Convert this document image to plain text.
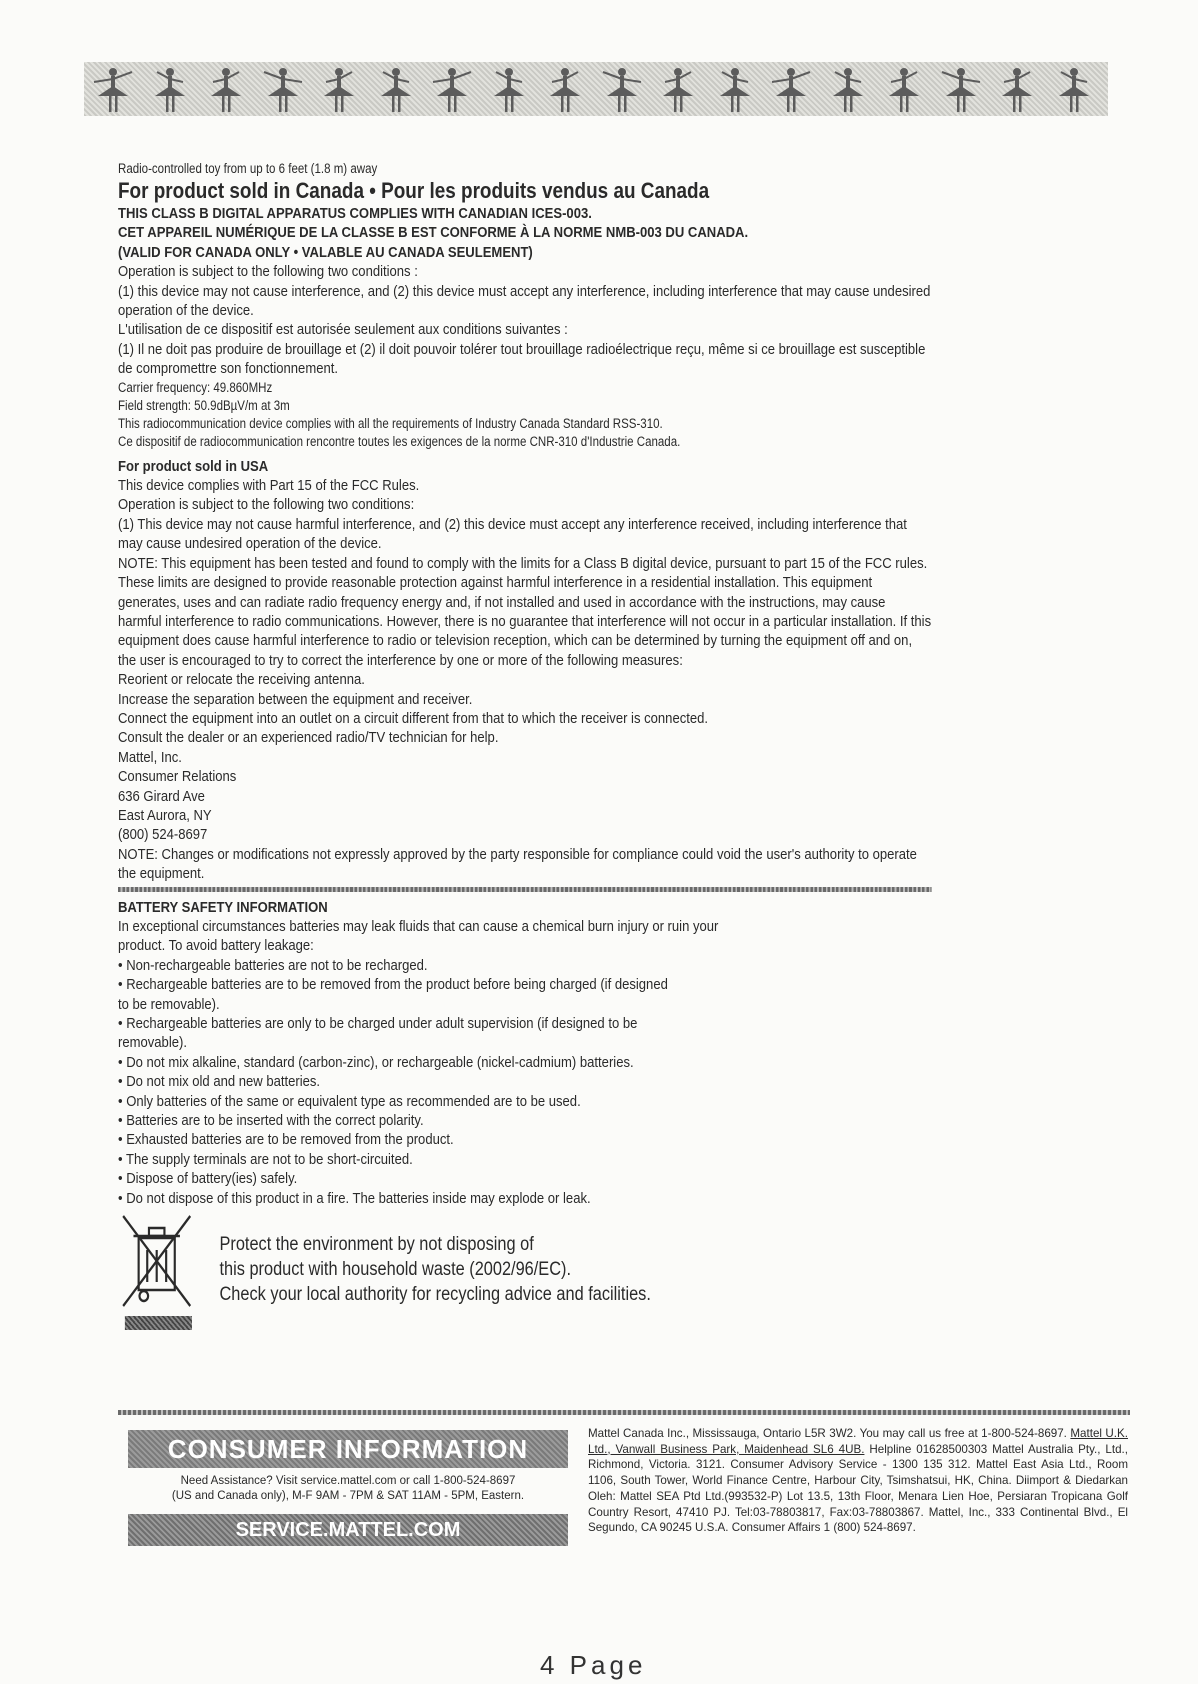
Radio-controlled toy from up to 6 feet (1.8 m) away

For product sold in Canada • Pour les produits vendus au Canada

THIS CLASS B DIGITAL APPARATUS COMPLIES WITH CANADIAN ICES-003.

CET APPAREIL NUMÉRIQUE DE LA CLASSE B EST CONFORME À LA NORME NMB-003 DU CANADA.

(VALID FOR CANADA ONLY • VALABLE AU CANADA SEULEMENT)

Operation is subject to the following two conditions :

(1) this device may not cause interference, and (2) this device must accept any interference, including interference that may cause undesired operation of the device.

L'utilisation de ce dispositif est autorisée seulement aux conditions suivantes :

(1) Il ne doit pas produire de brouillage et (2) il doit pouvoir tolérer tout brouillage radioélectrique reçu, même si ce brouillage est susceptible de compromettre son fonctionnement.

Carrier frequency: 49.860MHz

Field strength: 50.9dBµV/m at 3m

This radiocommunication device complies with all the requirements of Industry Canada Standard RSS-310.

Ce dispositif de radiocommunication rencontre toutes les exigences de la norme CNR-310 d'Industrie Canada.

For product sold in USA

This device complies with Part 15 of the FCC Rules.

Operation is subject to the following two conditions:

(1) This device may not cause harmful interference, and (2) this device must accept any interference received, including interference that may cause undesired operation of the device.

NOTE: This equipment has been tested and found to comply with the limits for a Class B digital device, pursuant to part 15 of the FCC rules. These limits are designed to provide reasonable protection against harmful interference in a residential installation. This equipment generates, uses and can radiate radio frequency energy and, if not installed and used in accordance with the instructions, may cause harmful interference to radio communications. However, there is no guarantee that interference will not occur in a particular installation. If this equipment does cause harmful interference to radio or television reception, which can be determined by turning the equipment off and on, the user is encouraged to try to correct the interference by one or more of the following measures:

Reorient or relocate the receiving antenna.

Increase the separation between the equipment and receiver.

Connect the equipment into an outlet on a circuit different from that to which the receiver is connected.

Consult the dealer or an experienced radio/TV technician for help.

Mattel, Inc.

Consumer Relations

636 Girard Ave

East Aurora, NY

(800) 524-8697

NOTE: Changes or modifications not expressly approved by the party responsible for compliance could void the user's authority to operate the equipment.

BATTERY SAFETY INFORMATION

In exceptional circumstances batteries may leak fluids that can cause a chemical burn injury or ruin your product. To avoid battery leakage:

• Non-rechargeable batteries are not to be recharged.

• Rechargeable batteries are to be removed from the product before being charged (if designed to be removable).

• Rechargeable batteries are only to be charged under adult supervision (if designed to be removable).

• Do not mix alkaline, standard (carbon-zinc), or rechargeable (nickel-cadmium) batteries.

• Do not mix old and new batteries.

• Only batteries of the same or equivalent type as recommended are to be used.

• Batteries are to be inserted with the correct polarity.

• Exhausted batteries are to be removed from the product.

• The supply terminals are not to be short-circuited.

• Dispose of battery(ies) safely.

• Do not dispose of this product in a fire. The batteries inside may explode or leak.

Protect the environment by not disposing of

this product with household waste (2002/96/EC).

Check your local authority for recycling advice and facilities.

CONSUMER INFORMATION
Need Assistance? Visit service.mattel.com or call 1-800-524-8697
(US and Canada only), M-F 9AM - 7PM & SAT 11AM - 5PM, Eastern.
SERVICE.MATTEL.COM
Mattel Canada Inc., Mississauga, Ontario L5R 3W2. You may call us free at 1-800-524-8697. Mattel U.K. Ltd., Vanwall Business Park, Maidenhead SL6 4UB. Helpline 01628500303 Mattel Australia Pty., Ltd., Richmond, Victoria. 3121. Consumer Advisory Service - 1300 135 312. Mattel East Asia Ltd., Room 1106, South Tower, World Finance Centre, Harbour City, Tsimshatsui, HK, China. Diimport & Diedarkan Oleh: Mattel SEA Ptd Ltd.(993532-P) Lot 13.5, 13th Floor, Menara Lien Hoe, Persiaran Tropicana Golf Country Resort, 47410 PJ. Tel:03-78803817, Fax:03-78803867. Mattel, Inc., 333 Continental Blvd., El Segundo, CA 90245 U.S.A. Consumer Affairs 1 (800) 524-8697.
4 Page
